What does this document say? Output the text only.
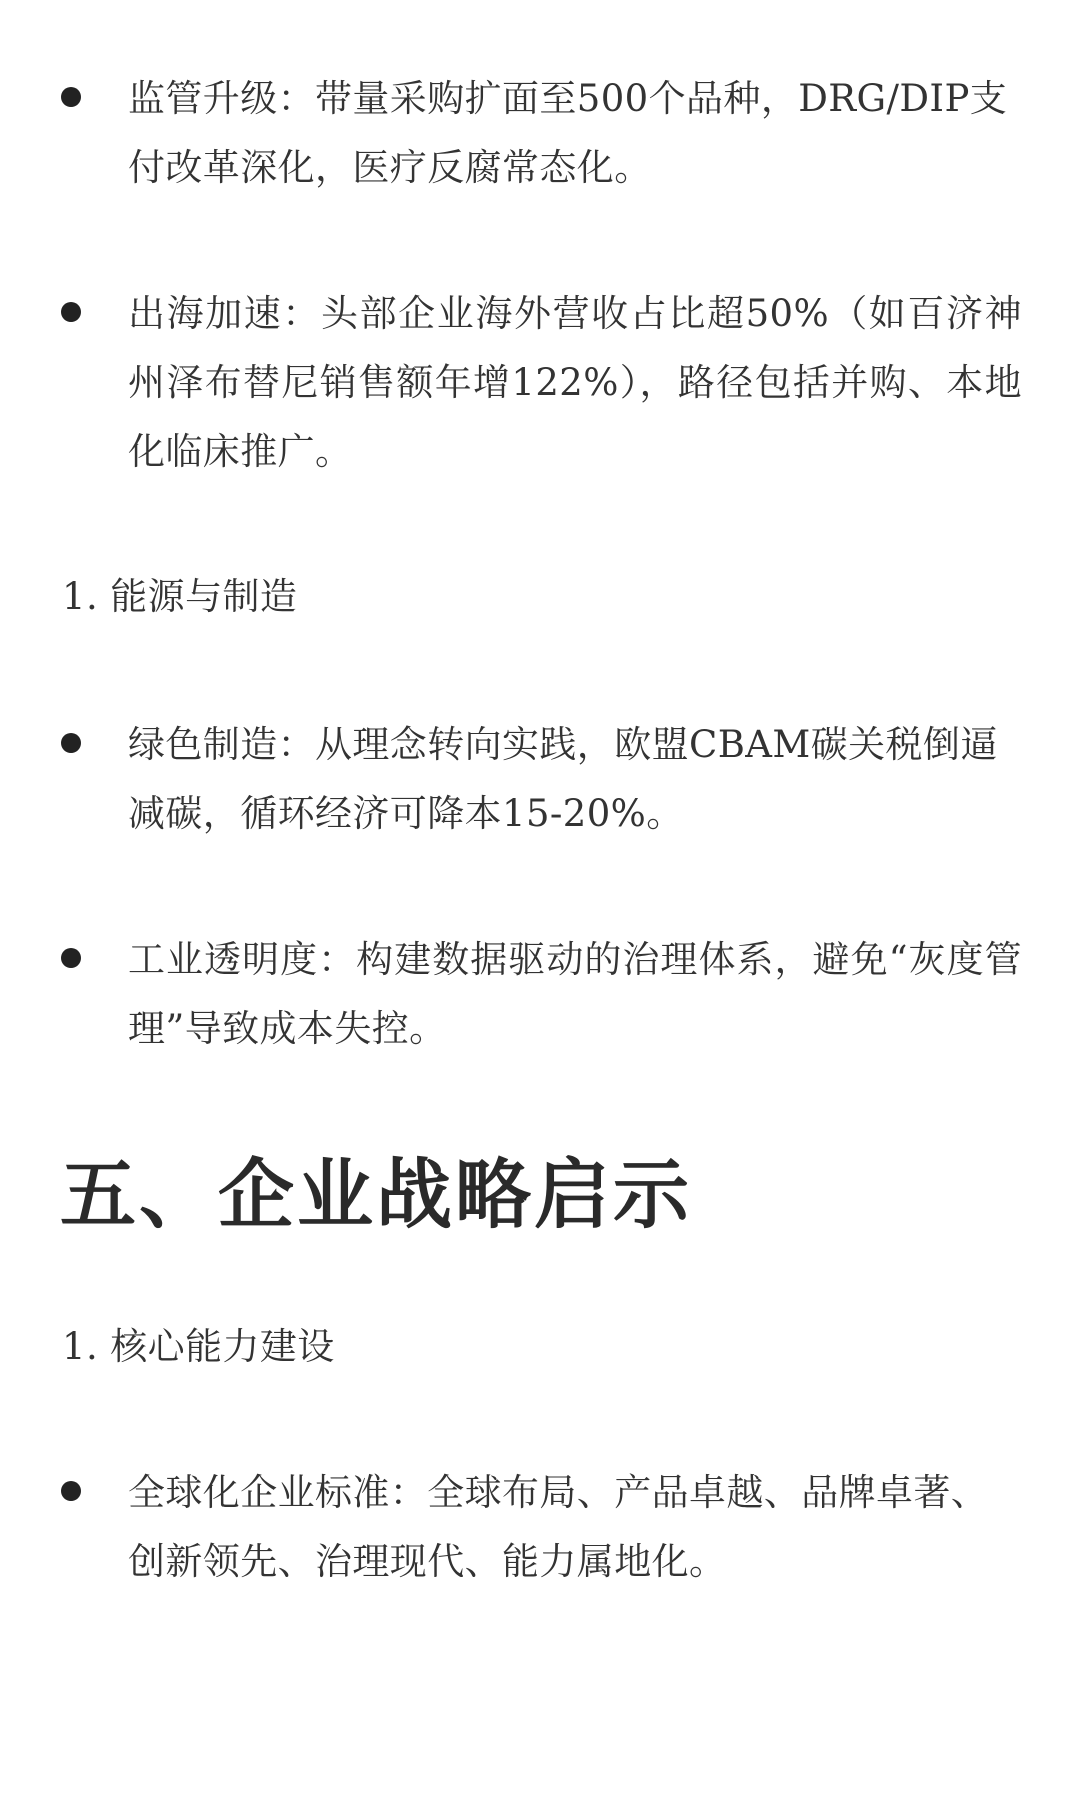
监管升级：带量采购扩面至500个品种，DRG/DIP支付改革深化，医疗反腐常态化。
出海加速：头部企业海外营收占比超50%（如百济神州泽布替尼销售额年增122%），路径包括并购、本地化临床推广。
1. 能源与制造
绿色制造：从理念转向实践，欧盟CBAM碳关税倒逼减碳，循环经济可降本15-20%。
工业透明度：构建数据驱动的治理体系，避免“灰度管理”导致成本失控。
五、企业战略启示
1. 核心能力建设
全球化企业标准：全球布局、产品卓越、品牌卓著、创新领先、治理现代、能力属地化。
